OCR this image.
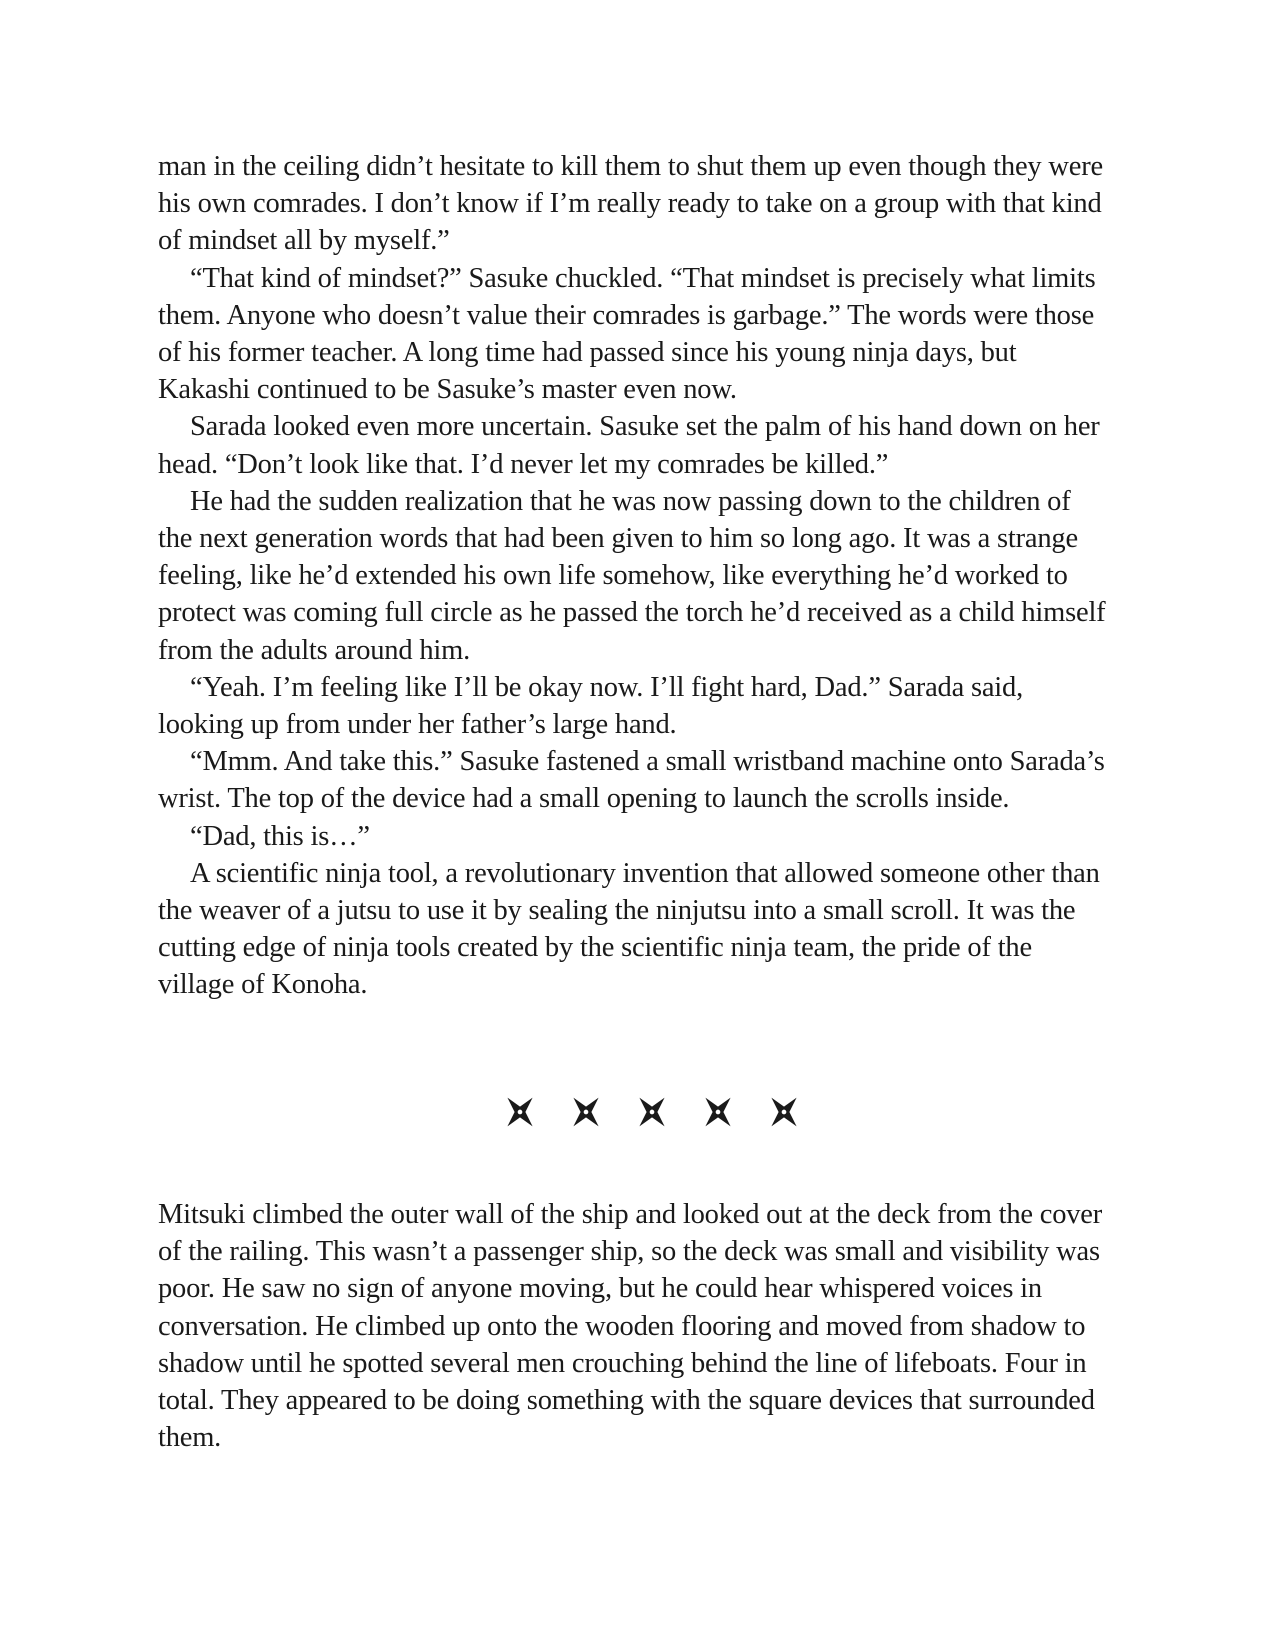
man in the ceiling didn’t hesitate to kill them to shut them up even though they were his own comrades. I don’t know if I’m really ready to take on a group with that kind of mindset all by myself.”

“That kind of mindset?” Sasuke chuckled. “That mindset is precisely what limits them. Anyone who doesn’t value their comrades is garbage.” The words were those of his former teacher. A long time had passed since his young ninja days, but Kakashi continued to be Sasuke’s master even now.

Sarada looked even more uncertain. Sasuke set the palm of his hand down on her head. “Don’t look like that. I’d never let my comrades be killed.”

He had the sudden realization that he was now passing down to the children of the next generation words that had been given to him so long ago. It was a strange feeling, like he’d extended his own life somehow, like everything he’d worked to protect was coming full circle as he passed the torch he’d received as a child himself from the adults around him.

“Yeah. I’m feeling like I’ll be okay now. I’ll fight hard, Dad.” Sarada said, looking up from under her father’s large hand.

“Mmm. And take this.” Sasuke fastened a small wristband machine onto Sarada’s wrist. The top of the device had a small opening to launch the scrolls inside.

“Dad, this is…”

A scientific ninja tool, a revolutionary invention that allowed someone other than the weaver of a jutsu to use it by sealing the ninjutsu into a small scroll. It was the cutting edge of ninja tools created by the scientific ninja team, the pride of the village of Konoha.

Mitsuki climbed the outer wall of the ship and looked out at the deck from the cover of the railing. This wasn’t a passenger ship, so the deck was small and visibility was poor. He saw no sign of anyone moving, but he could hear whispered voices in conversation. He climbed up onto the wooden flooring and moved from shadow to shadow until he spotted several men crouching behind the line of lifeboats. Four in total. They appeared to be doing something with the square devices that surrounded them.
